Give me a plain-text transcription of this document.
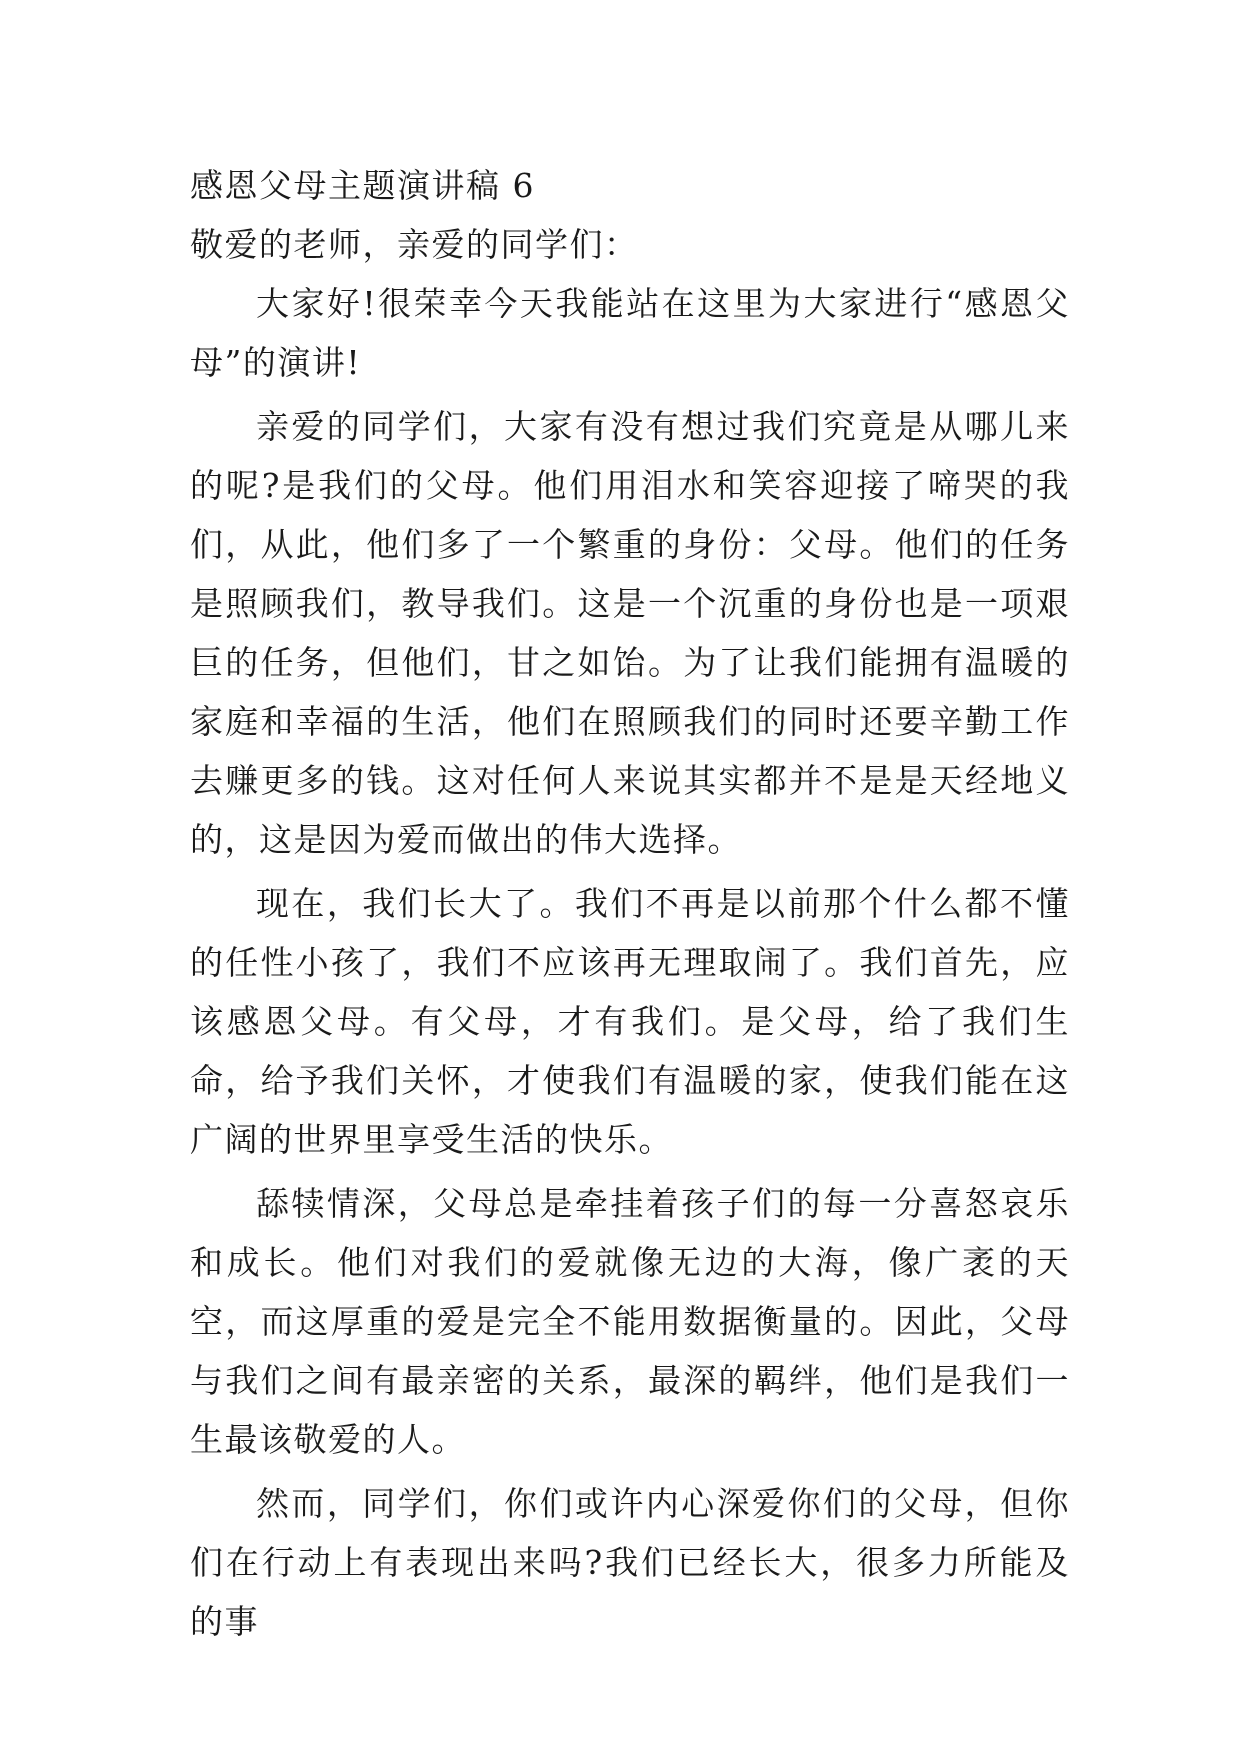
感恩父母主题演讲稿 6

敬爱的老师，亲爱的同学们：

大家好!很荣幸今天我能站在这里为大家进行“感恩父母”的演讲!

亲爱的同学们，大家有没有想过我们究竟是从哪儿来的呢?是我们的父母。他们用泪水和笑容迎接了啼哭的我们，从此，他们多了一个繁重的身份：父母。他们的任务是照顾我们，教导我们。这是一个沉重的身份也是一项艰巨的任务，但他们，甘之如饴。为了让我们能拥有温暖的家庭和幸福的生活，他们在照顾我们的同时还要辛勤工作去赚更多的钱。这对任何人来说其实都并不是是天经地义的，这是因为爱而做出的伟大选择。

现在，我们长大了。我们不再是以前那个什么都不懂的任性小孩了，我们不应该再无理取闹了。我们首先，应该感恩父母。有父母，才有我们。是父母，给了我们生命，给予我们关怀，才使我们有温暖的家，使我们能在这广阔的世界里享受生活的快乐。

舔犊情深，父母总是牵挂着孩子们的每一分喜怒哀乐和成长。他们对我们的爱就像无边的大海，像广袤的天空，而这厚重的爱是完全不能用数据衡量的。因此，父母与我们之间有最亲密的关系，最深的羁绊，他们是我们一生最该敬爱的人。

然而，同学们，你们或许内心深爱你们的父母，但你们在行动上有表现出来吗?我们已经长大，很多力所能及的事
